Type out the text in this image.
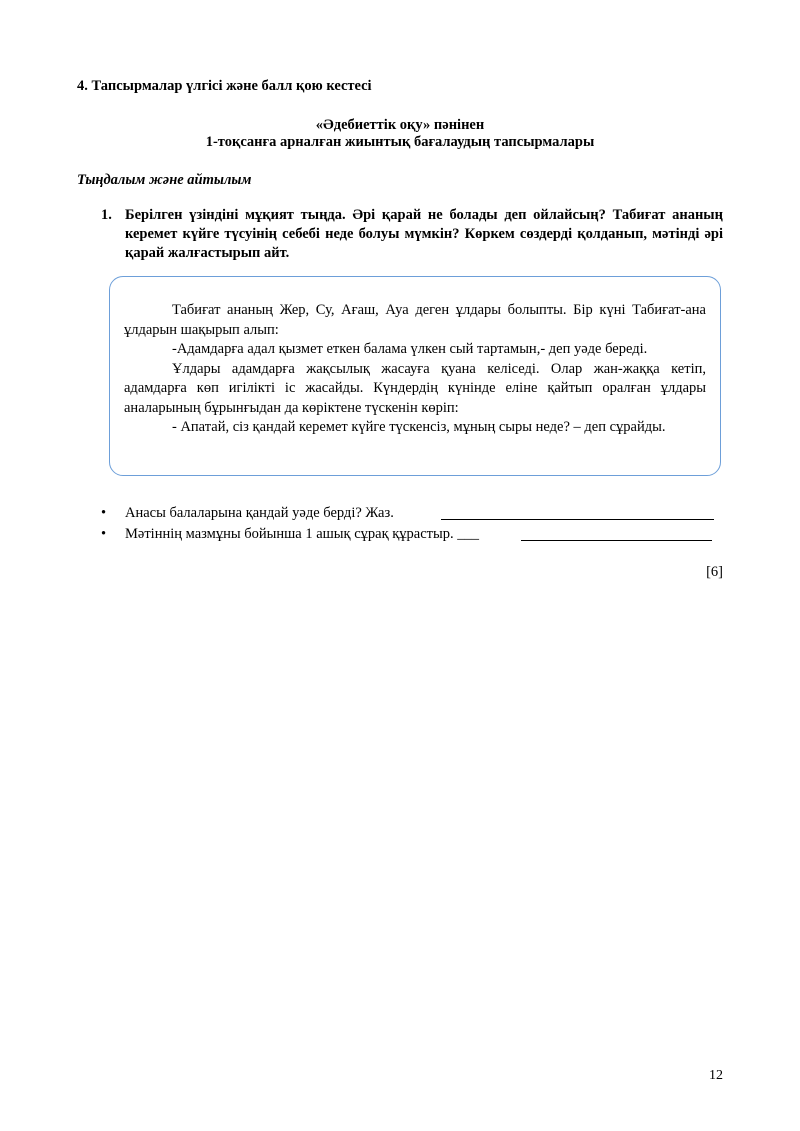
4. Тапсырмалар үлгісі және балл қою кестесі
«Әдебиеттік оқу» пәнінен
1-тоқсанға арналған жиынтық бағалаудың тапсырмалары
Тыңдалым және айтылым
1. Берілген үзіндіні мұқият тыңда. Әрі қарай не болады деп ойлайсың? Табиғат ананың керемет күйге түсуінің себебі неде болуы мүмкін? Көркем сөздерді қолданып, мәтінді әрі қарай жалғастырып айт.

Табиғат ананың Жер, Су, Ағаш, Ауа деген ұлдары болыпты. Бір күні Табиғат-ана ұлдарын шақырып алып:

-Адамдарға адал қызмет еткен балама үлкен сый тартамын,- деп уәде береді.

Ұлдары адамдарға жақсылық жасауға қуана келіседі. Олар жан-жаққа кетіп, адамдарға көп игілікті іс жасайды. Күндердің күнінде еліне қайтып оралған ұлдары аналарының бұрынғыдан да көріктене түскенін көріп:

- Апатай, сіз қандай керемет күйге түскенсіз, мұның сыры неде? – деп сұрайды.

• Анасы балаларына қандай уәде берді? Жаз.
• Мәтіннің мазмұны бойынша 1 ашық сұрақ құрастыр. ___
[6]
12
